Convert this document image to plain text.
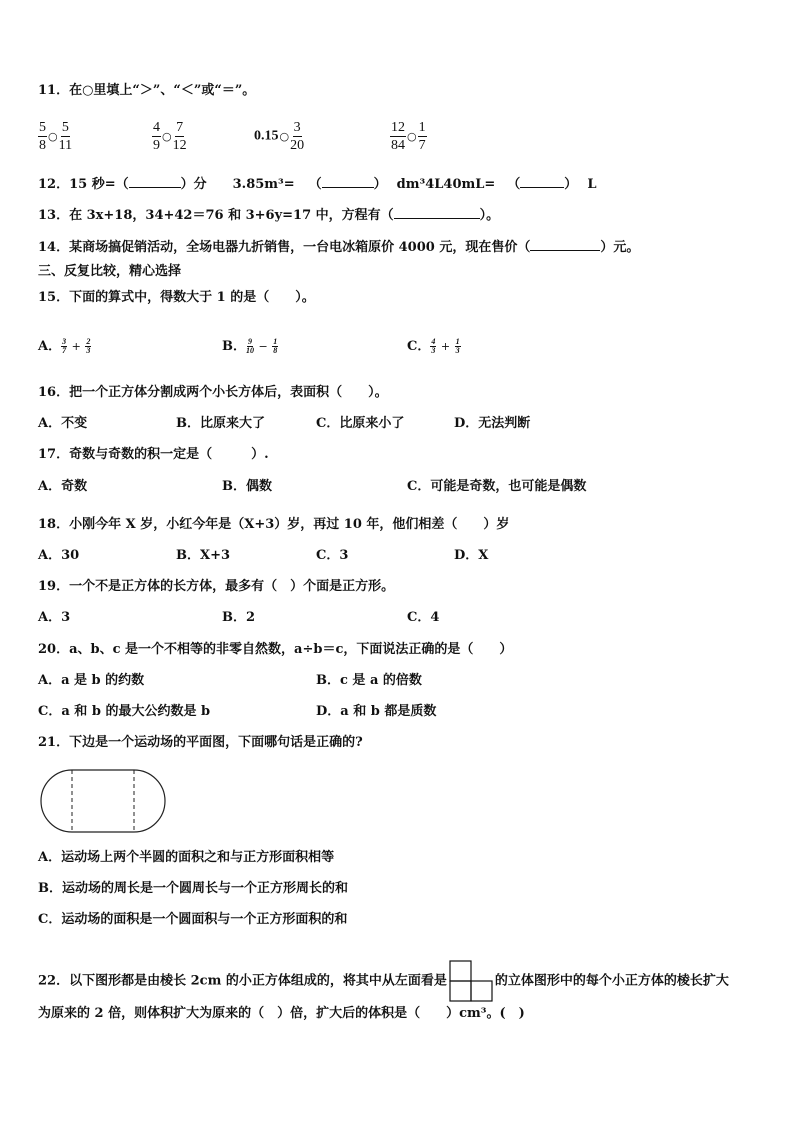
11．在○里填上“＞”、“＜”或“＝”。
$\frac{5}{8}$ ○ $\frac{5}{11}$	$\frac{4}{9}$ ○ $\frac{7}{12}$	0.15○ $\frac{3}{20}$	$\frac{12}{84}$ ○ $\frac{1}{7}$
12．15 秒=（	）分 3.85m³= （	） dm³4L40mL= （	） L
13．在 3x+18，34+42＝76 和 3+6y=17 中，方程有（	）。
14．某商场搞促销活动，全场电器九折销售，一台电冰箱原价 4000 元，现在售价（	）元。
三、反复比较，精心选择
15．下面的算式中，得数大于 1 的是（　　）。
A． $\frac{3}{7} + \frac{2}{3}$	B． $\frac{9}{10} - \frac{1}{8}$	C． $\frac{4}{3} + \frac{1}{3}$
16．把一个正方体分割成两个小长方体后，表面积（　　）。
A．不变	B．比原来大了	C．比原来小了	D．无法判断
17．奇数与奇数的积一定是（　　　）.
A．奇数	B．偶数	C．可能是奇数，也可能是偶数
18．小刚今年 X 岁，小红今年是（X+3）岁，再过 10 年，他们相差（　　）岁
A．30	B．X+3	C．3	D．X
19．一个不是正方体的长方体，最多有（　）个面是正方形。
A．3	B．2	C．4
20．a、b、c 是一个不相等的非零自然数，a÷b＝c，下面说法正确的是（　　）
A．a 是 b 的约数	B．c 是 a 的倍数
C．a 和 b 的最大公约数是 b	D．a 和 b 都是质数
21．下边是一个运动场的平面图，下面哪句话是正确的?
A．运动场上两个半圆的面积之和与正方形面积相等
B．运动场的周长是一个圆周长与一个正方形周长的和
C．运动场的面积是一个圆面积与一个正方形面积的和
22．以下图形都是由棱长 2cm 的小正方体组成的，将其中从左面看是	的立体图形中的每个小正方体的棱长扩大
为原来的 2 倍，则体积扩大为原来的（　）倍，扩大后的体积是（　　）cm³。(　)
